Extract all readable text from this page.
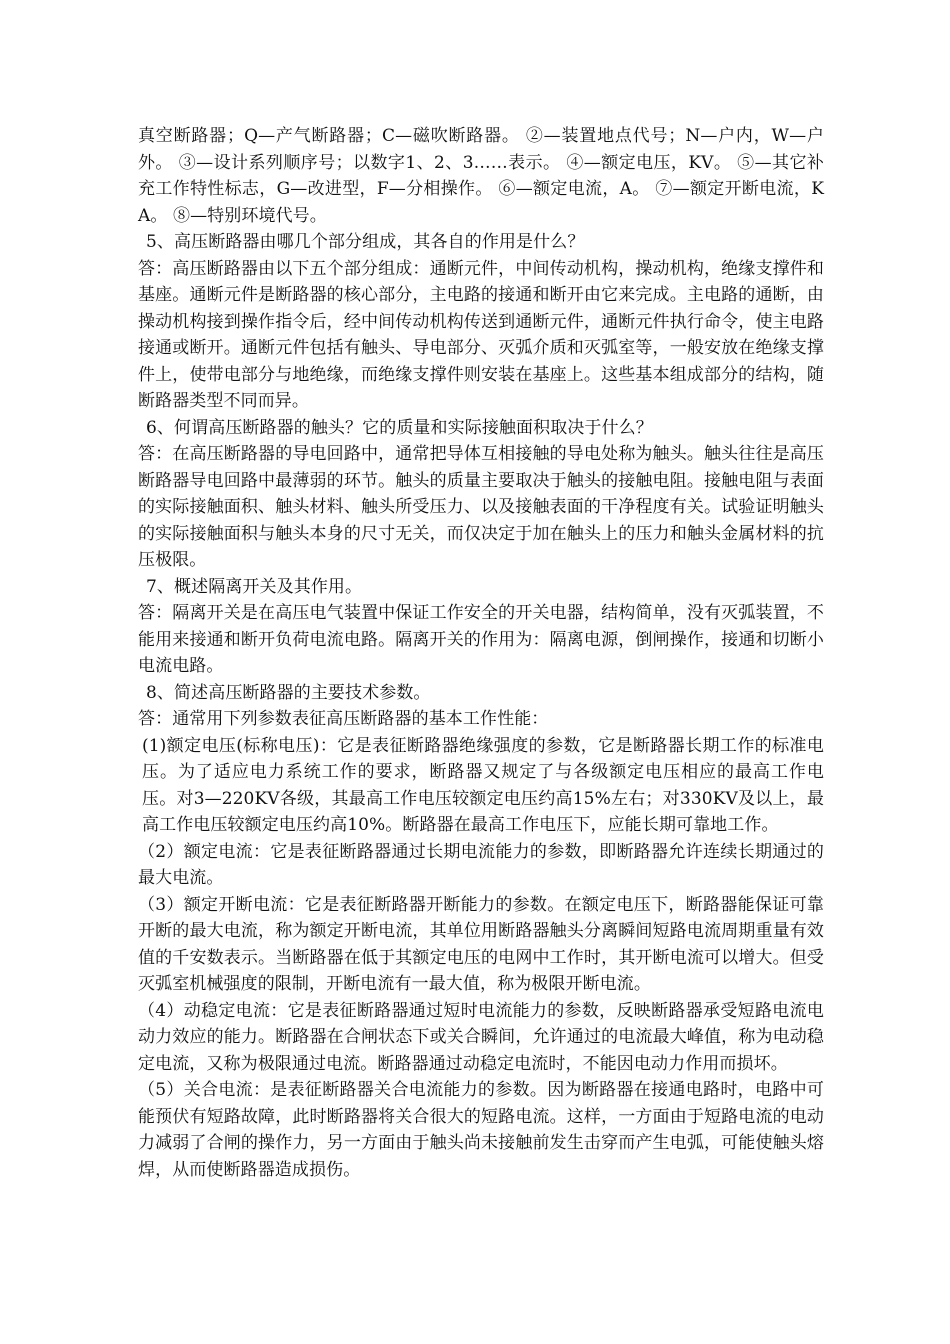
真空断路器；Q—产气断路器；C—磁吹断路器。 ②—装置地点代号；N—户内，W—户外。 ③—设计系列顺序号；以数字1、2、3……表示。 ④—额定电压，KV。 ⑤—其它补充工作特性标志，G—改进型，F—分相操作。 ⑥—额定电流，A。 ⑦—额定开断电流，KA。 ⑧—特别环境代号。

5、高压断路器由哪几个部分组成，其各自的作用是什么？

答：高压断路器由以下五个部分组成：通断元件，中间传动机构，操动机构，绝缘支撑件和基座。通断元件是断路器的核心部分，主电路的接通和断开由它来完成。主电路的通断，由操动机构接到操作指令后，经中间传动机构传送到通断元件，通断元件执行命令，使主电路接通或断开。通断元件包括有触头、导电部分、灭弧介质和灭弧室等，一般安放在绝缘支撑件上，使带电部分与地绝缘，而绝缘支撑件则安装在基座上。这些基本组成部分的结构，随断路器类型不同而异。

6、何谓高压断路器的触头？它的质量和实际接触面积取决于什么？

答：在高压断路器的导电回路中，通常把导体互相接触的导电处称为触头。触头往往是高压断路器导电回路中最薄弱的环节。触头的质量主要取决于触头的接触电阻。接触电阻与表面的实际接触面积、触头材料、触头所受压力、以及接触表面的干净程度有关。试验证明触头的实际接触面积与触头本身的尺寸无关，而仅决定于加在触头上的压力和触头金属材料的抗压极限。

7、概述隔离开关及其作用。

答：隔离开关是在高压电气装置中保证工作安全的开关电器，结构简单，没有灭弧装置，不能用来接通和断开负荷电流电路。隔离开关的作用为：隔离电源，倒闸操作，接通和切断小电流电路。

8、简述高压断路器的主要技术参数。

答：通常用下列参数表征高压断路器的基本工作性能：

(1)额定电压(标称电压)：它是表征断路器绝缘强度的参数，它是断路器长期工作的标准电压。为了适应电力系统工作的要求，断路器又规定了与各级额定电压相应的最高工作电压。对3—220KV各级，其最高工作电压较额定电压约高15%左右；对330KV及以上，最高工作电压较额定电压约高10%。断路器在最高工作电压下，应能长期可靠地工作。

（2）额定电流：它是表征断路器通过长期电流能力的参数，即断路器允许连续长期通过的最大电流。

（3）额定开断电流：它是表征断路器开断能力的参数。在额定电压下，断路器能保证可靠开断的最大电流，称为额定开断电流，其单位用断路器触头分离瞬间短路电流周期重量有效值的千安数表示。当断路器在低于其额定电压的电网中工作时，其开断电流可以增大。但受灭弧室机械强度的限制，开断电流有一最大值，称为极限开断电流。

（4）动稳定电流：它是表征断路器通过短时电流能力的参数，反映断路器承受短路电流电动力效应的能力。断路器在合闸状态下或关合瞬间，允许通过的电流最大峰值，称为电动稳定电流，又称为极限通过电流。断路器通过动稳定电流时，不能因电动力作用而损坏。

（5）关合电流：是表征断路器关合电流能力的参数。因为断路器在接通电路时，电路中可能预伏有短路故障，此时断路器将关合很大的短路电流。这样，一方面由于短路电流的电动力减弱了合闸的操作力，另一方面由于触头尚未接触前发生击穿而产生电弧，可能使触头熔焊，从而使断路器造成损伤。
